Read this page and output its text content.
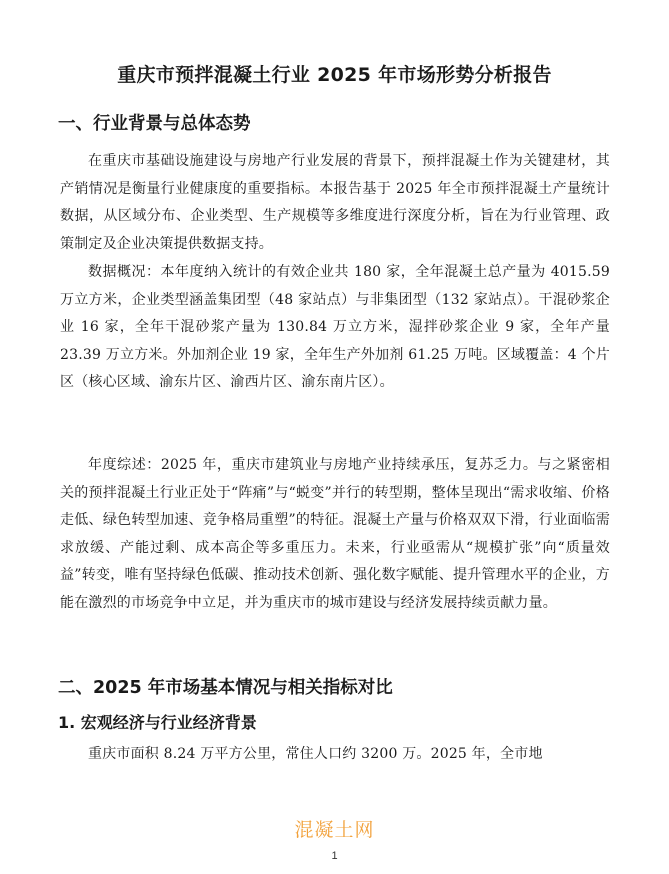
重庆市预拌混凝土行业 2025 年市场形势分析报告
一、行业背景与总体态势
在重庆市基础设施建设与房地产行业发展的背景下，预拌混凝土作为关键建材，其产销情况是衡量行业健康度的重要指标。本报告基于 2025 年全市预拌混凝土产量统计数据，从区域分布、企业类型、生产规模等多维度进行深度分析，旨在为行业管理、政策制定及企业决策提供数据支持。
数据概况：本年度纳入统计的有效企业共 180 家，全年混凝土总产量为 4015.59 万立方米，企业类型涵盖集团型（48 家站点）与非集团型（132 家站点）。干混砂浆企业 16 家，全年干混砂浆产量为 130.84 万立方米，湿拌砂浆企业 9 家，全年产量 23.39 万立方米。外加剂企业 19 家，全年生产外加剂 61.25 万吨。区域覆盖：4 个片区（核心区域、渝东片区、渝西片区、渝东南片区）。
年度综述：2025 年，重庆市建筑业与房地产业持续承压，复苏乏力。与之紧密相关的预拌混凝土行业正处于“阵痛”与“蜕变”并行的转型期，整体呈现出“需求收缩、价格走低、绿色转型加速、竞争格局重塑”的特征。混凝土产量与价格双双下滑，行业面临需求放缓、产能过剩、成本高企等多重压力。未来，行业亟需从“规模扩张”向“质量效益”转变，唯有坚持绿色低碳、推动技术创新、强化数字赋能、提升管理水平的企业，方能在激烈的市场竞争中立足，并为重庆市的城市建设与经济发展持续贡献力量。
二、2025 年市场基本情况与相关指标对比
1. 宏观经济与行业经济背景
重庆市面积 8.24 万平方公里，常住人口约 3200 万。2025 年，全市地
混凝土网
1
